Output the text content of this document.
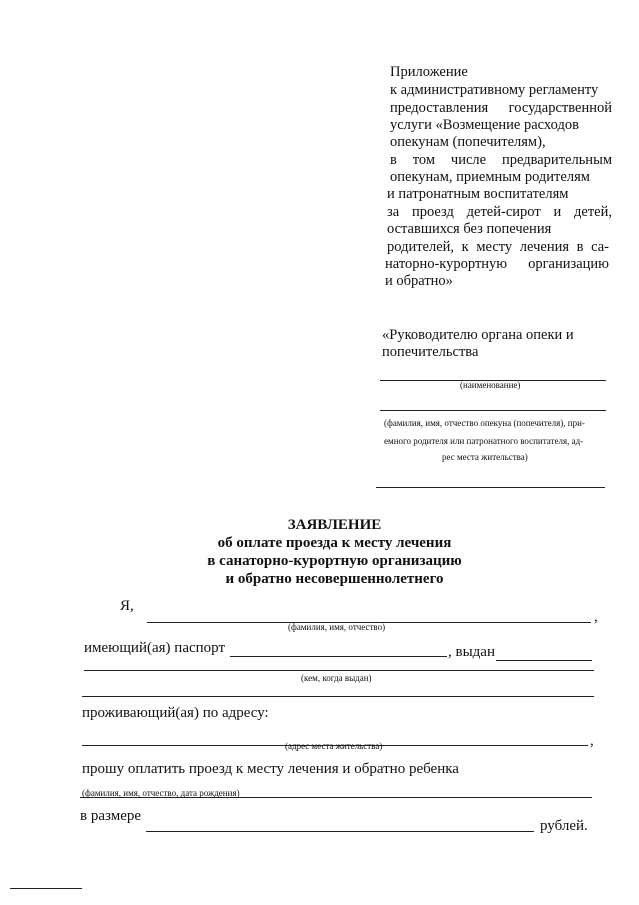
Приложение
к административному регламенту
предоставления государственной
услуги «Возмещение расходов
опекунам (попечителям),
в том числе предварительным
опекунам, приемным родителям
и патронатным воспитателям
за проезд детей-сирот и детей,
оставшихся без попечения
родителей, к месту лечения в са-
наторно-курортную организацию
и обратно»
«Руководителю органа опеки и
попечительства
(наименование)
(фамилия, имя, отчество опекуна (попечителя), при-
емного родителя или патронатного воспитателя, ад-
рес места жительства)
ЗАЯВЛЕНИЕ
об оплате проезда к месту лечения
в санаторно-курортную организацию
и обратно несовершеннолетнего
Я,
,
(фамилия, имя, отчество)
имеющий(ая) паспорт	, выдан
(кем, когда выдан)
проживающий(ая) по адресу:
,
(адрес места жительства)
прошу оплатить проезд к месту лечения и обратно ребенка
(фамилия, имя, отчество, дата рождения)
в размере
рублей.
